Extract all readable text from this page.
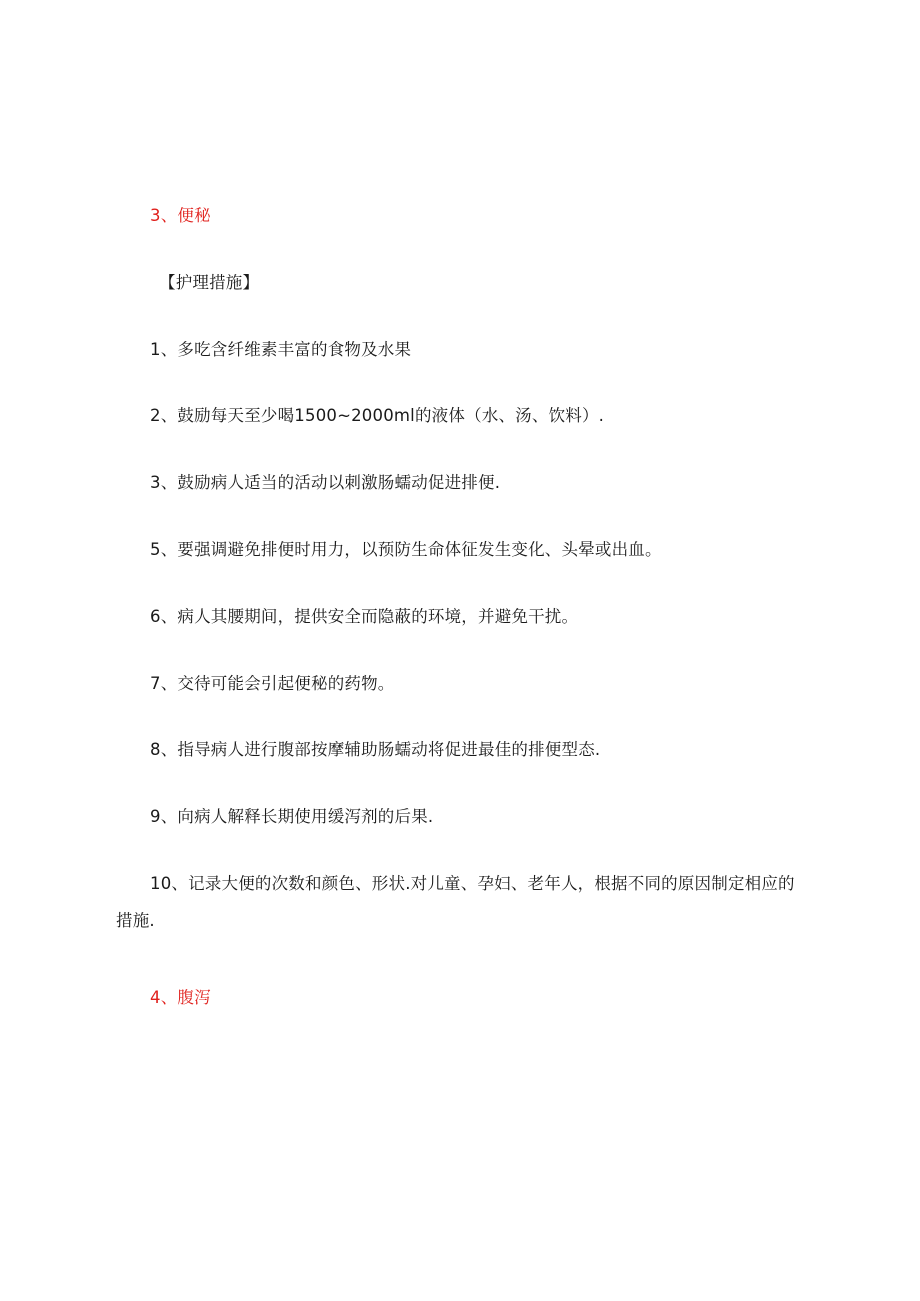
3、便秘
【护理措施】
1、多吃含纤维素丰富的食物及水果
2、鼓励每天至少喝1500~2000ml的液体（水、汤、饮料）.
3、鼓励病人适当的活动以刺激肠蠕动促进排便.
5、要强调避免排便时用力，以预防生命体征发生变化、头晕或出血。
6、病人其腰期间，提供安全而隐蔽的环境，并避免干扰。
7、交待可能会引起便秘的药物。
8、指导病人进行腹部按摩辅助肠蠕动将促进最佳的排便型态.
9、向病人解释长期使用缓泻剂的后果.
10、记录大便的次数和颜色、形状.对儿童、孕妇、老年人，根据不同的原因制定相应的
措施.
4、腹泻
